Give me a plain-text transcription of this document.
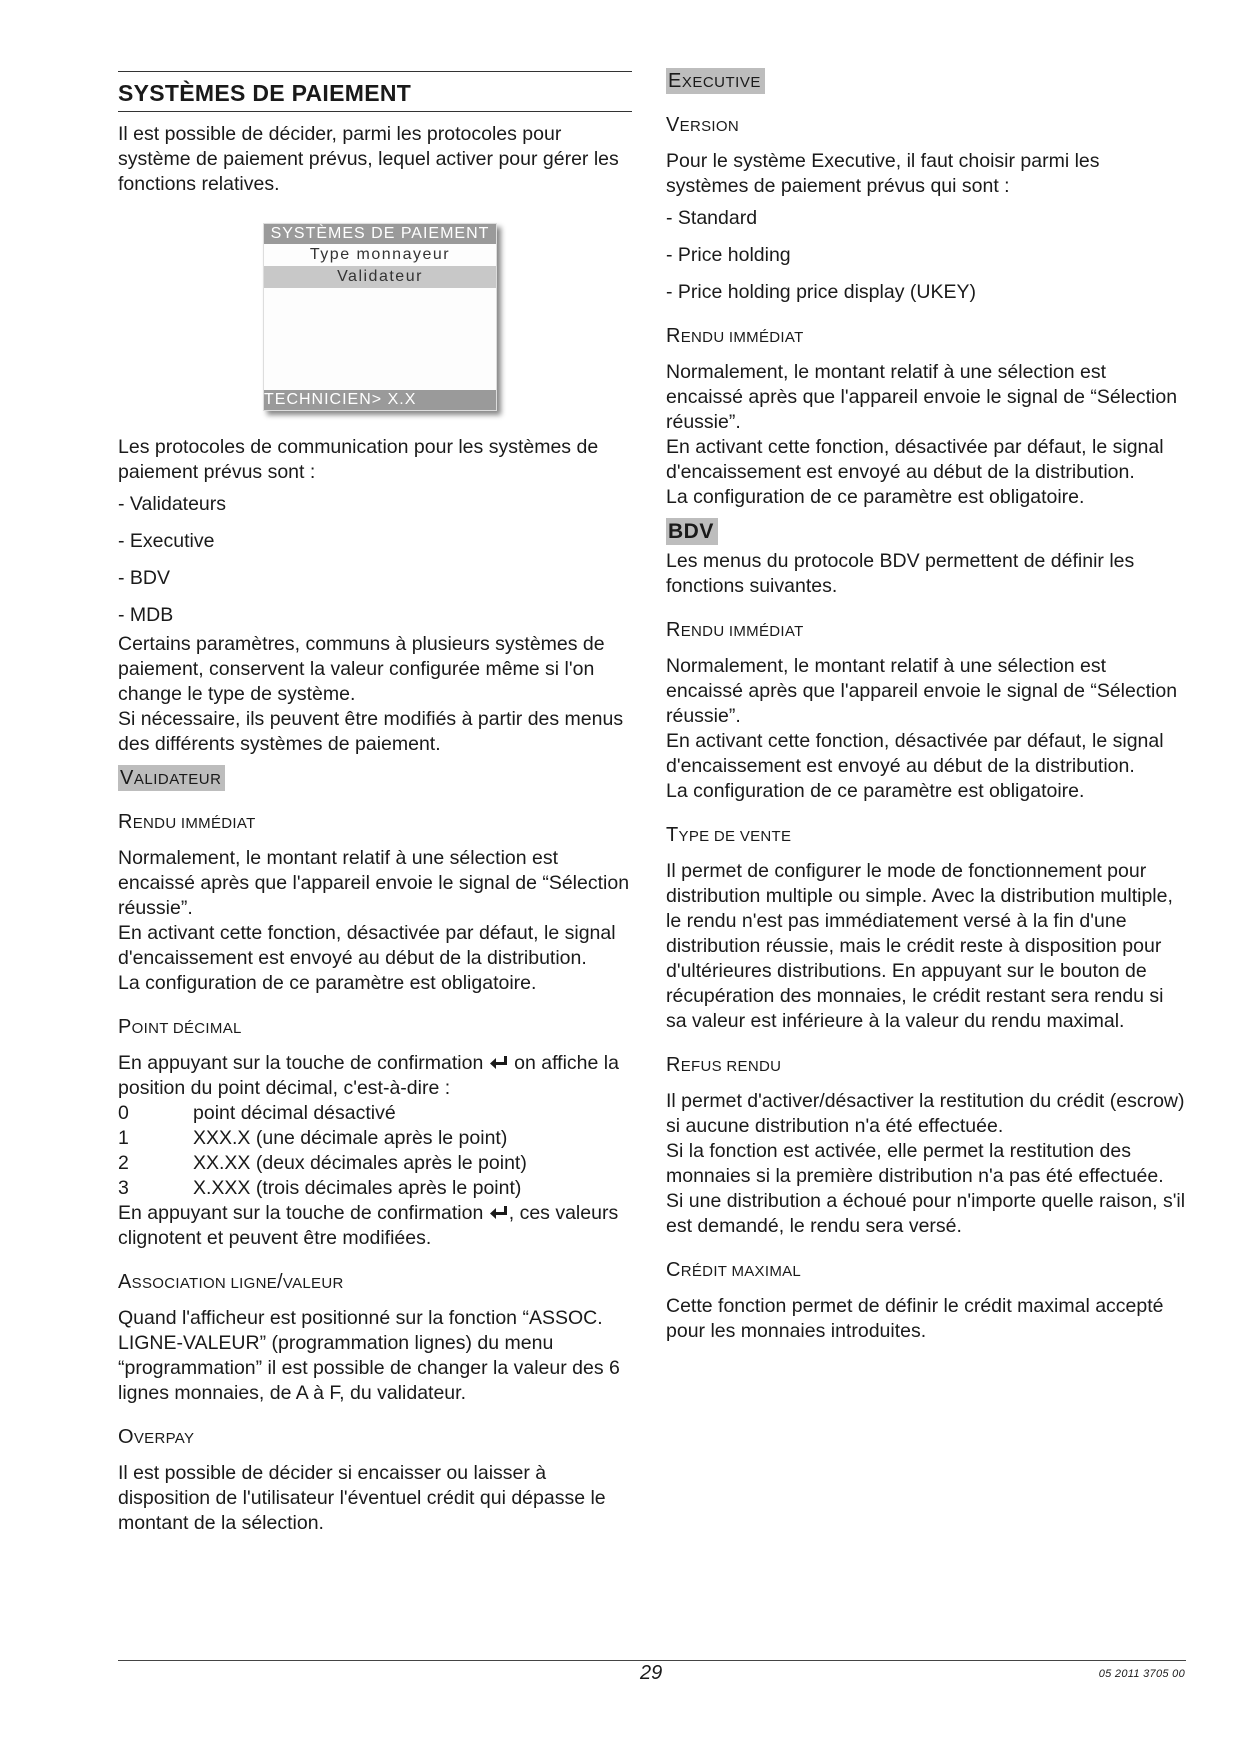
SYSTÈMES DE PAIEMENT

Il est possible de décider, parmi les protocoles pour système de paiement prévus, lequel activer pour gérer les fonctions relatives.

SYSTÈMES DE PAIEMENT
Type monnayeur
Validateur
TECHNICIEN> X.X

Les protocoles de communication pour les systèmes de paiement prévus sont :

- Validateurs

- Executive

- BDV

- MDB

Certains paramètres, communs à plusieurs systèmes de paiement, conservent la valeur configurée même si l'on change le type de système.

Si nécessaire, ils peuvent être modifiés à partir des menus des différents systèmes de paiement.

VALIDATEUR
RENDU IMMÉDIAT

Normalement, le montant relatif à une sélection est encaissé après que l'appareil envoie le signal de “Sélection réussie”.

En activant cette fonction, désactivée par défaut, le signal d'encaissement est envoyé au début de la distribution.

La configuration de ce paramètre est obligatoire.

POINT DÉCIMAL

En appuyant sur la touche de confirmation  on affiche la position du point décimal, c'est-à-dire :

0	point décimal désactivé

1	XXX.X (une décimale après le point)

2	XX.XX (deux décimales après le point)

3	X.XXX (trois décimales après le point)

En appuyant sur la touche de confirmation , ces valeurs clignotent et peuvent être modifiées.

ASSOCIATION LIGNE/VALEUR

Quand l'afficheur est positionné sur la fonction “ASSOC. LIGNE-VALEUR” (programmation lignes) du menu “programmation” il est possible de changer la valeur des 6 lignes monnaies, de A à F, du validateur.

OVERPAY

Il est possible de décider si encaisser ou laisser à disposition de l'utilisateur l'éventuel crédit qui dépasse le montant de la sélection.

EXECUTIVE
VERSION

Pour le système Executive, il faut choisir parmi les systèmes de paiement prévus qui sont :

- Standard

- Price holding

- Price holding price display (UKEY)

RENDU IMMÉDIAT

Normalement, le montant relatif à une sélection est encaissé après que l'appareil envoie le signal de “Sélection réussie”.

En activant cette fonction, désactivée par défaut, le signal d'encaissement est envoyé au début de la distribution.

La configuration de ce paramètre est obligatoire.

BDV

Les menus du protocole BDV permettent de définir les fonctions suivantes.

RENDU IMMÉDIAT

Normalement, le montant relatif à une sélection est encaissé après que l'appareil envoie le signal de “Sélection réussie”.

En activant cette fonction, désactivée par défaut, le signal d'encaissement est envoyé au début de la distribution.

La configuration de ce paramètre est obligatoire.

TYPE DE VENTE

Il permet de configurer le mode de fonctionnement pour distribution multiple ou simple. Avec la distribution multiple, le rendu n'est pas immédiatement versé à la fin d'une distribution réussie, mais le crédit reste à disposition pour d'ultérieures distributions. En appuyant sur le bouton de récupération des monnaies, le crédit restant sera rendu si sa valeur est inférieure à la valeur du rendu maximal.

REFUS RENDU

Il permet d'activer/désactiver la restitution du crédit (escrow) si aucune distribution n'a été effectuée.

Si la fonction est activée, elle permet la restitution des monnaies si la première distribution n'a pas été effectuée.

Si une distribution a échoué pour n'importe quelle raison, s'il est demandé, le rendu sera versé.

CRÉDIT MAXIMAL

Cette fonction permet de définir le crédit maximal accepté pour les monnaies introduites.

29	05 2011 3705 00
